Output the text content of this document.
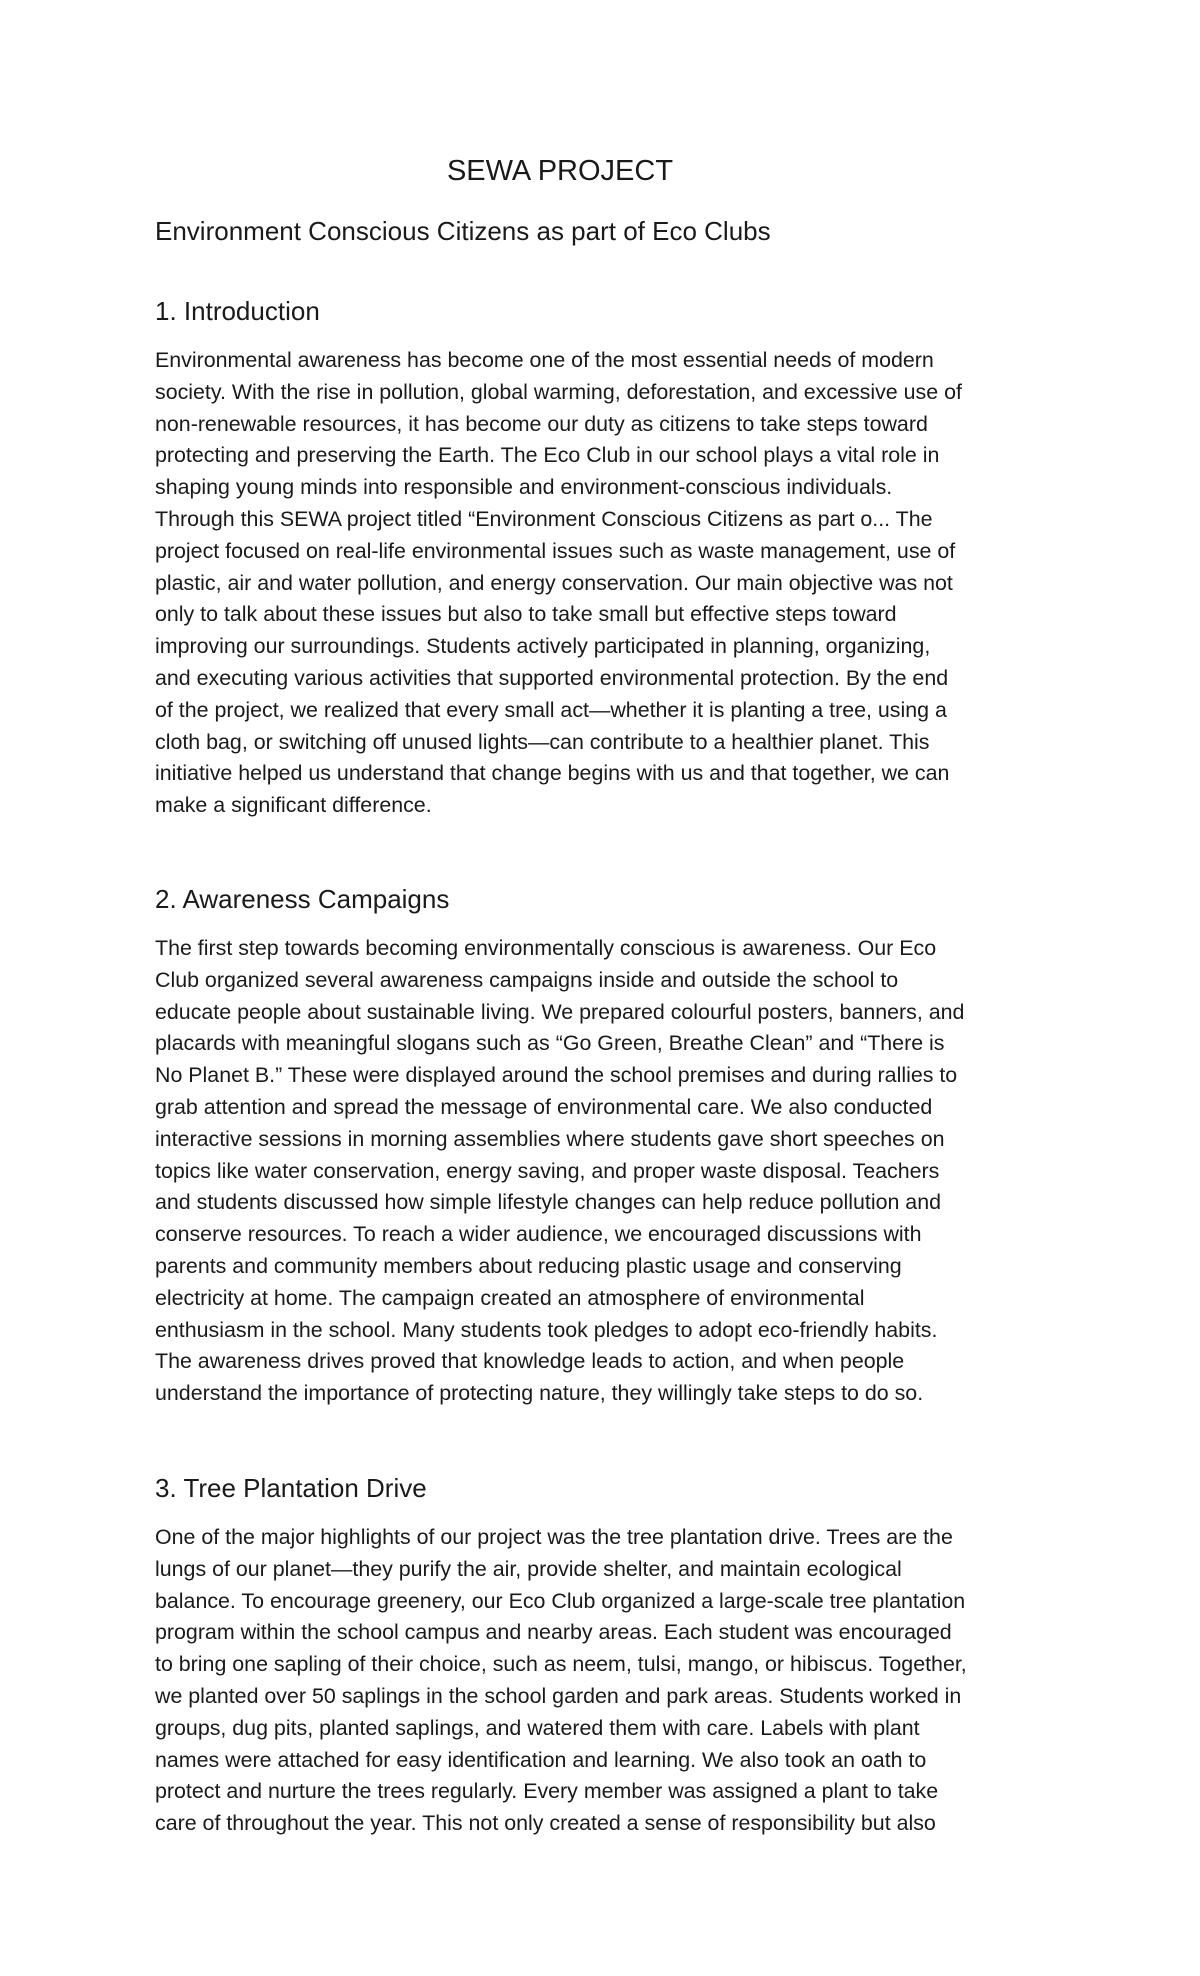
SEWA PROJECT
Environment Conscious Citizens as part of Eco Clubs
1. Introduction

Environmental awareness has become one of the most essential needs of modern
society. With the rise in pollution, global warming, deforestation, and excessive use of
non-renewable resources, it has become our duty as citizens to take steps toward
protecting and preserving the Earth. The Eco Club in our school plays a vital role in
shaping young minds into responsible and environment-conscious individuals.
Through this SEWA project titled “Environment Conscious Citizens as part o... The
project focused on real-life environmental issues such as waste management, use of
plastic, air and water pollution, and energy conservation. Our main objective was not
only to talk about these issues but also to take small but effective steps toward
improving our surroundings. Students actively participated in planning, organizing,
and executing various activities that supported environmental protection. By the end
of the project, we realized that every small act—whether it is planting a tree, using a
cloth bag, or switching off unused lights—can contribute to a healthier planet. This
initiative helped us understand that change begins with us and that together, we can
make a significant difference.

2. Awareness Campaigns

The first step towards becoming environmentally conscious is awareness. Our Eco
Club organized several awareness campaigns inside and outside the school to
educate people about sustainable living. We prepared colourful posters, banners, and
placards with meaningful slogans such as “Go Green, Breathe Clean” and “There is
No Planet B.” These were displayed around the school premises and during rallies to
grab attention and spread the message of environmental care. We also conducted
interactive sessions in morning assemblies where students gave short speeches on
topics like water conservation, energy saving, and proper waste disposal. Teachers
and students discussed how simple lifestyle changes can help reduce pollution and
conserve resources. To reach a wider audience, we encouraged discussions with
parents and community members about reducing plastic usage and conserving
electricity at home. The campaign created an atmosphere of environmental
enthusiasm in the school. Many students took pledges to adopt eco-friendly habits.
The awareness drives proved that knowledge leads to action, and when people
understand the importance of protecting nature, they willingly take steps to do so.

3. Tree Plantation Drive

One of the major highlights of our project was the tree plantation drive. Trees are the
lungs of our planet—they purify the air, provide shelter, and maintain ecological
balance. To encourage greenery, our Eco Club organized a large-scale tree plantation
program within the school campus and nearby areas. Each student was encouraged
to bring one sapling of their choice, such as neem, tulsi, mango, or hibiscus. Together,
we planted over 50 saplings in the school garden and park areas. Students worked in
groups, dug pits, planted saplings, and watered them with care. Labels with plant
names were attached for easy identification and learning. We also took an oath to
protect and nurture the trees regularly. Every member was assigned a plant to take
care of throughout the year. This not only created a sense of responsibility but also
